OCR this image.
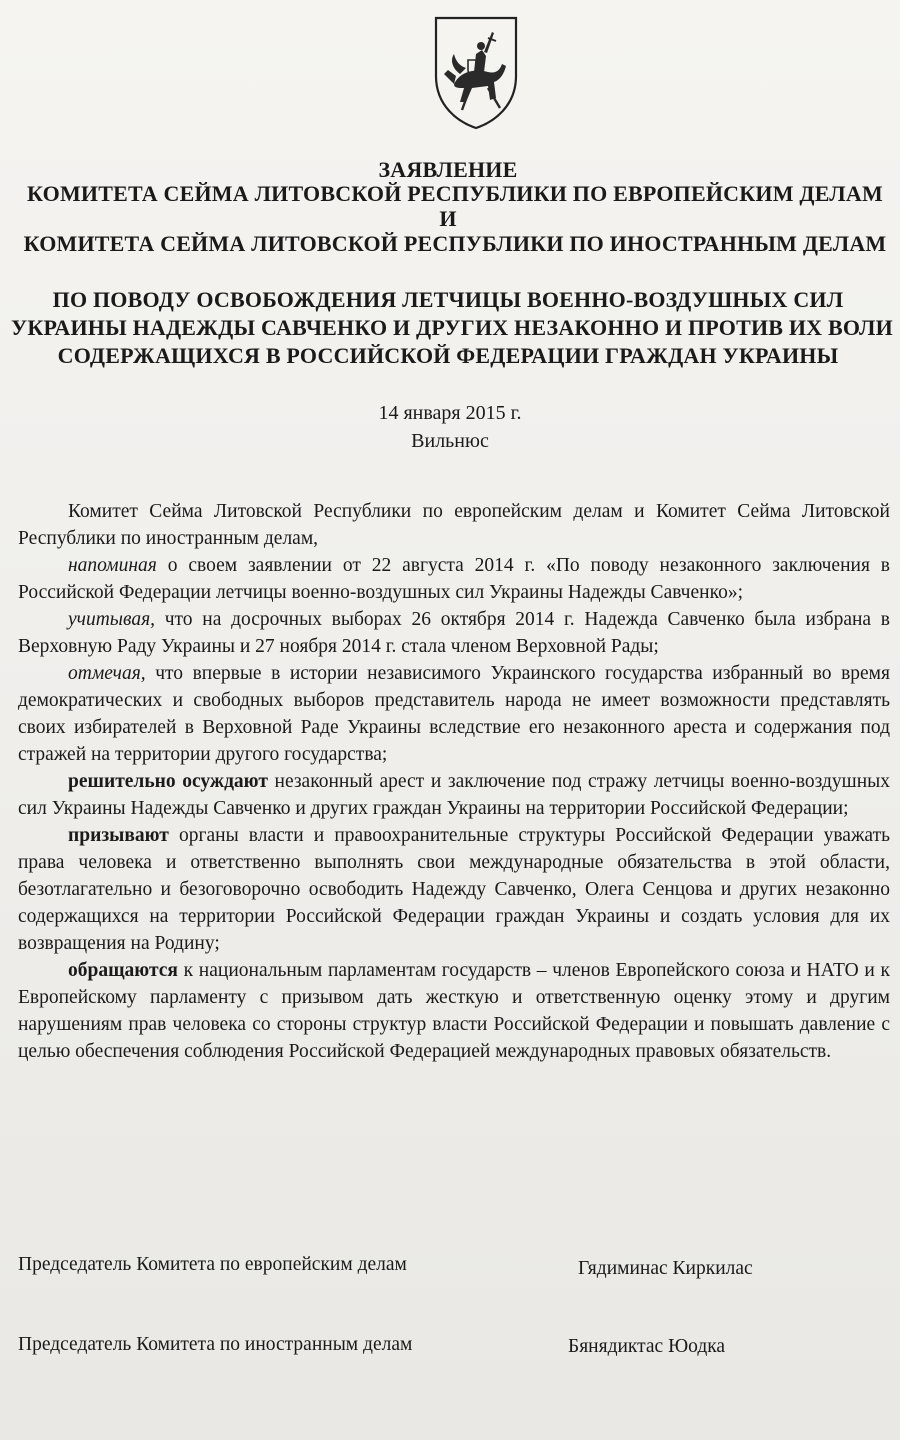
ЗАЯВЛЕНИЕ
КОМИТЕТА СЕЙМА ЛИТОВСКОЙ РЕСПУБЛИКИ ПО ЕВРОПЕЙСКИМ ДЕЛАМ
И
КОМИТЕТА СЕЙМА ЛИТОВСКОЙ РЕСПУБЛИКИ ПО ИНОСТРАННЫМ ДЕЛАМ
ПО ПОВОДУ ОСВОБОЖДЕНИЯ ЛЕТЧИЦЫ ВОЕННО-ВОЗДУШНЫХ СИЛ
УКРАИНЫ НАДЕЖДЫ САВЧЕНКО И ДРУГИХ НЕЗАКОННО И ПРОТИВ ИХ ВОЛИ
СОДЕРЖАЩИХСЯ В РОССИЙСКОЙ ФЕДЕРАЦИИ ГРАЖДАН УКРАИНЫ
14 января 2015 г.
Вильнюс

Комитет Сейма Литовской Республики по европейским делам и Комитет Сейма Литовской Республики по иностранным делам,

напоминая о своем заявлении от 22 августа 2014 г. «По поводу незаконного заключения в Российской Федерации летчицы военно-воздушных сил Украины Надежды Савченко»;

учитывая, что на досрочных выборах 26 октября 2014 г. Надежда Савченко была избрана в Верховную Раду Украины и 27 ноября 2014 г. стала членом Верховной Рады;

отмечая, что впервые в истории независимого Украинского государства избранный во время демократических и свободных выборов представитель народа не имеет возможности представлять своих избирателей в Верховной Раде Украины вследствие его незаконного ареста и содержания под стражей на территории другого государства;

решительно осуждают незаконный арест и заключение под стражу летчицы военно-воздушных сил Украины Надежды Савченко и других граждан Украины на территории Российской Федерации;

призывают органы власти и правоохранительные структуры Российской Федерации уважать права человека и ответственно выполнять свои международные обязательства в этой области, безотлагательно и безоговорочно освободить Надежду Савченко, Олега Сенцова и других незаконно содержащихся на территории Российской Федерации граждан Украины и создать условия для их возвращения на Родину;

обращаются к национальным парламентам государств – членов Европейского союза и НАТО и к Европейскому парламенту с призывом дать жесткую и ответственную оценку этому и другим нарушениям прав человека со стороны структур власти Российской Федерации и повышать давление с целью обеспечения соблюдения Российской Федерацией международных правовых обязательств.

Председатель Комитета по европейским делам	Гядиминас Киркилас
Председатель Комитета по иностранным делам	Бянядиктас Юодка
